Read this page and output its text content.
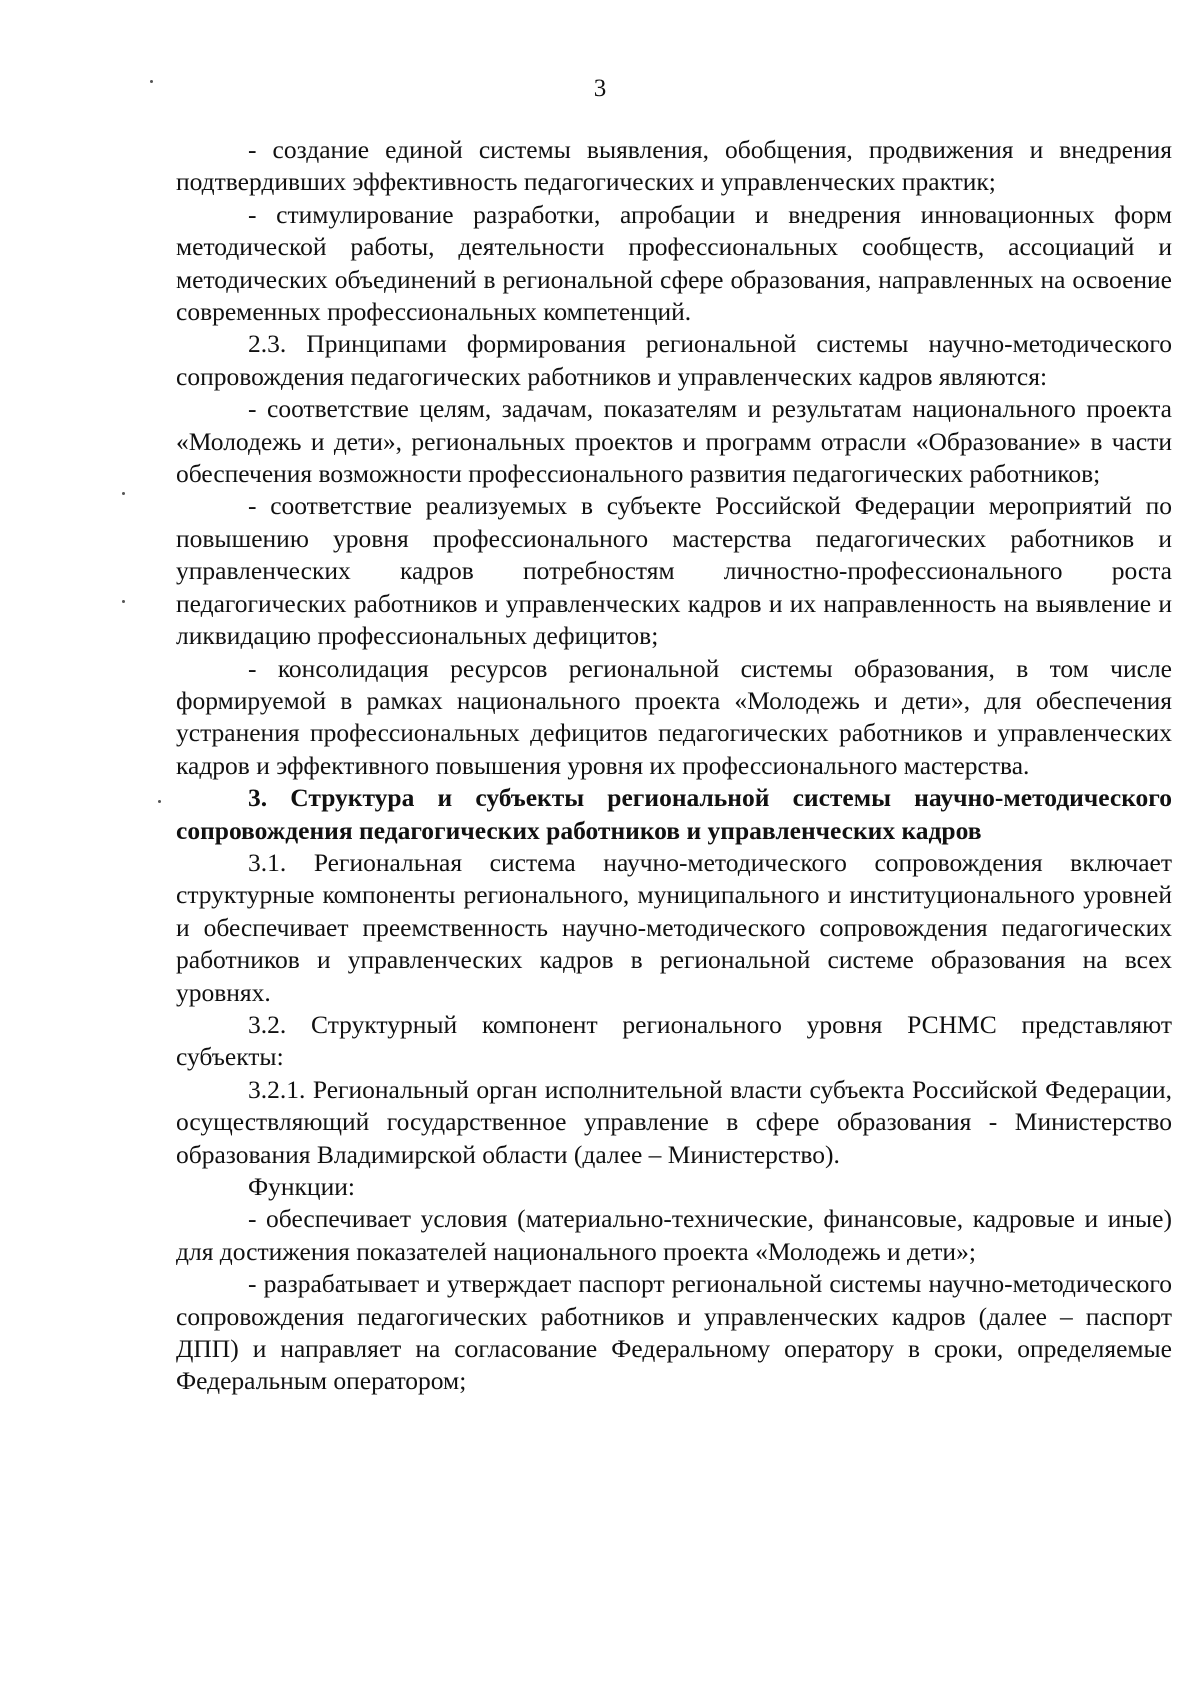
3

- создание единой системы выявления, обобщения, продвижения и внедрения подтвердивших эффективность педагогических и управленческих практик;

- стимулирование разработки, апробации и внедрения инновационных форм методической работы, деятельности профессиональных сообществ, ассоциаций и методических объединений в региональной сфере образования, направленных на освоение современных профессиональных компетенций.

2.3. Принципами формирования региональной системы научно-методического сопровождения педагогических работников и управленческих кадров являются:

- соответствие целям, задачам, показателям и результатам национального проекта «Молодежь и дети», региональных проектов и программ отрасли «Образование» в части обеспечения возможности профессионального развития педагогических работников;

- соответствие реализуемых в субъекте Российской Федерации мероприятий по повышению уровня профессионального мастерства педагогических работников и управленческих кадров потребностям личностно-профессионального роста педагогических работников и управленческих кадров и их направленность на выявление и ликвидацию профессиональных дефицитов;

- консолидация ресурсов региональной системы образования, в том числе формируемой в рамках национального проекта «Молодежь и дети», для обеспечения устранения профессиональных дефицитов педагогических работников и управленческих кадров и эффективного повышения уровня их профессионального мастерства.

3. Структура и субъекты региональной системы научно-методического сопровождения педагогических работников и управленческих кадров

3.1. Региональная система научно-методического сопровождения включает структурные компоненты регионального, муниципального и институционального уровней и обеспечивает преемственность научно-методического сопровождения педагогических работников и управленческих кадров в региональной системе образования на всех уровнях.

3.2. Структурный компонент регионального уровня РСНМС представляют субъекты:

3.2.1. Региональный орган исполнительной власти субъекта Российской Федерации, осуществляющий государственное управление в сфере образования - Министерство образования Владимирской области (далее – Министерство).

Функции:

- обеспечивает условия (материально-технические, финансовые, кадровые и иные) для достижения показателей национального проекта «Молодежь и дети»;

- разрабатывает и утверждает паспорт региональной системы научно-методического сопровождения педагогических работников и управленческих кадров (далее – паспорт ДПП) и направляет на согласование Федеральному оператору в сроки, определяемые Федеральным оператором;
